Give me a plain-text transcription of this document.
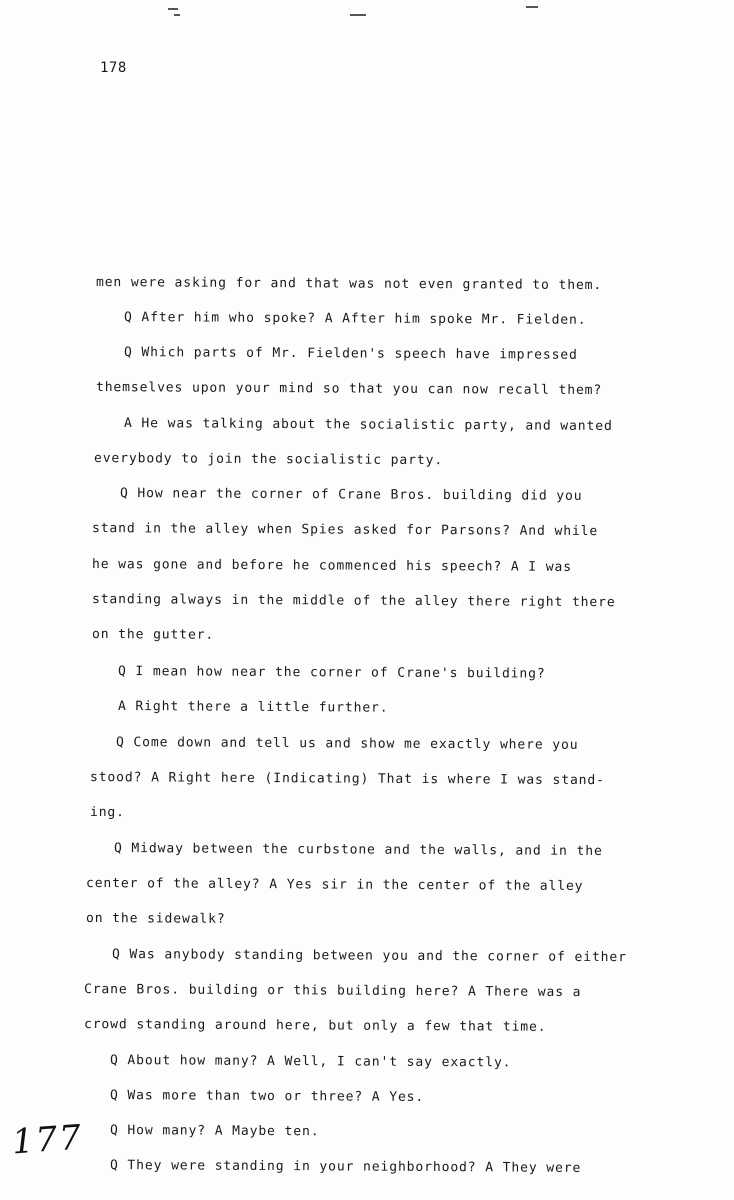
178
men were asking for and that was not even granted to them.
Q After him who spoke? A After him spoke Mr. Fielden.
Q Which parts of Mr. Fielden's speech have impressed
themselves upon your mind so that you can now recall them?
A He was talking about the socialistic party, and wanted
everybody to join the socialistic party.
Q How near the corner of Crane Bros. building did you
stand in the alley when Spies asked for Parsons? And while
he was gone and before he commenced his speech? A I was
standing always in the middle of the alley there right there
on the gutter.
Q I mean how near the corner of Crane's building?
A Right there a little further.
Q Come down and tell us and show me exactly where you
stood? A Right here (Indicating) That is where I was stand-
ing.
Q Midway between the curbstone and the walls, and in the
center of the alley? A Yes sir in the center of the alley
on the sidewalk?
Q Was anybody standing between you and the corner of either
Crane Bros. building or this building here? A There was a
crowd standing around here, but only a few that time.
Q About how many? A Well, I can't say exactly.
Q Was more than two or three? A Yes.
Q How many? A Maybe ten.
Q They were standing in your neighborhood? A They were
177
